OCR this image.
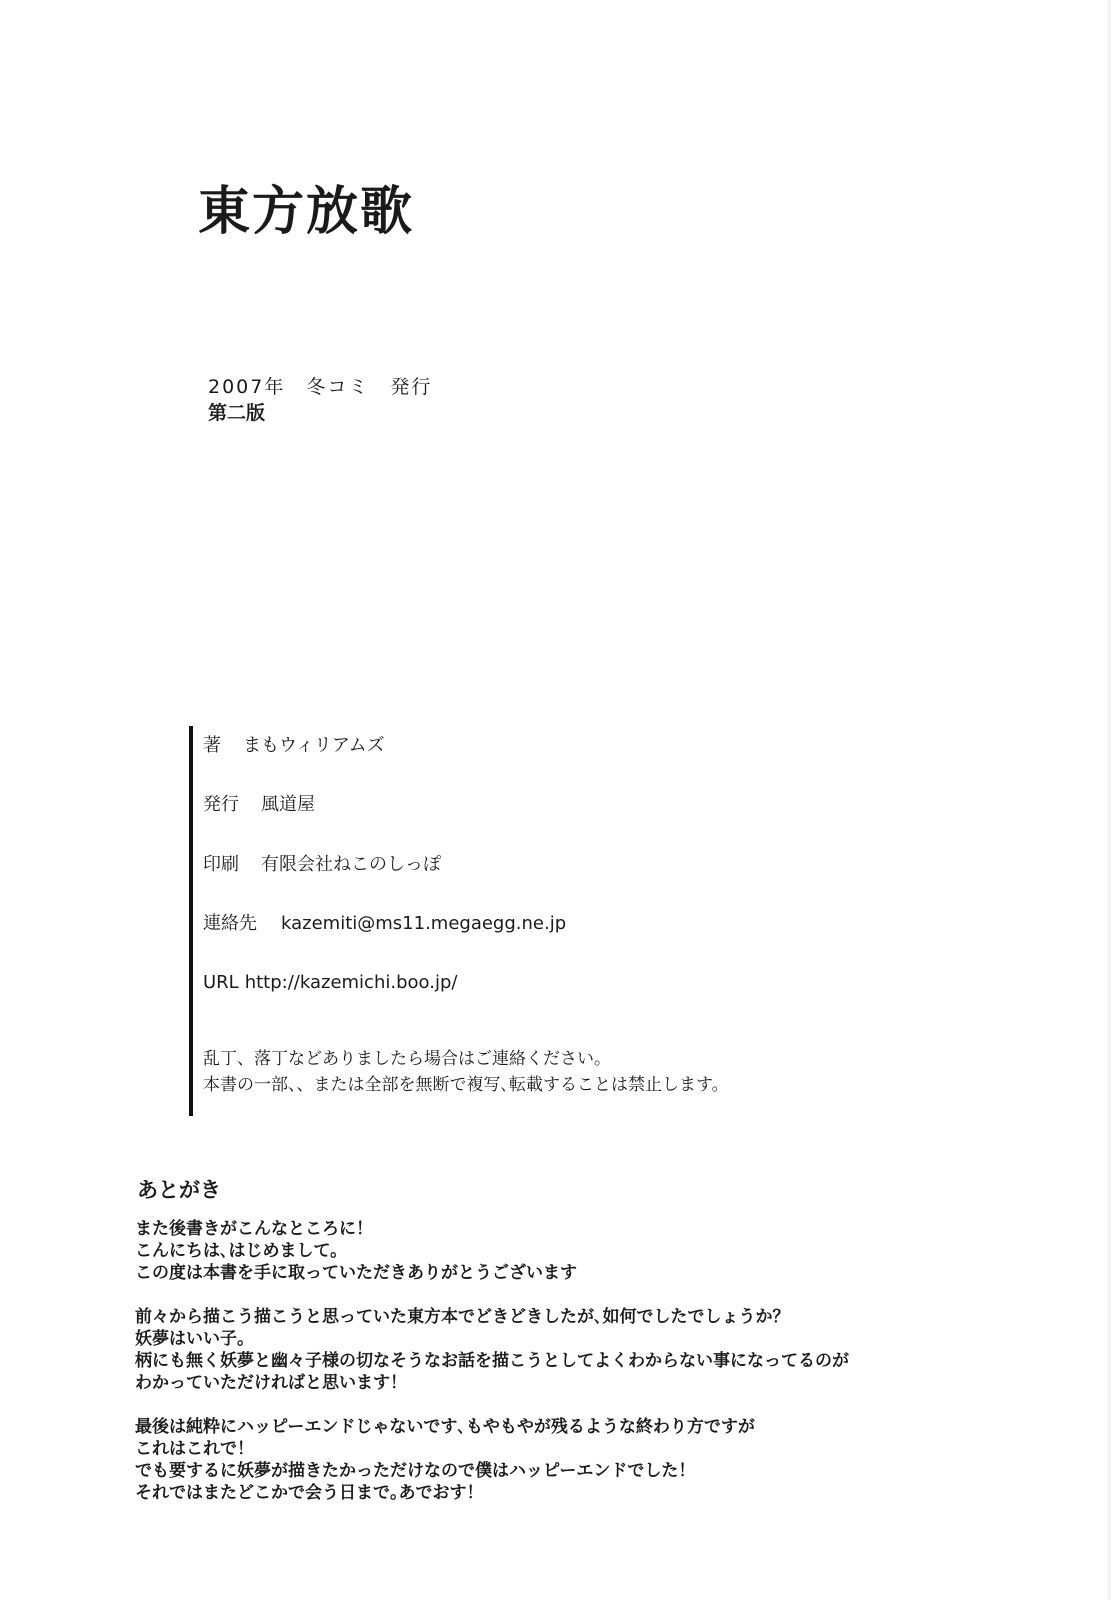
東方放歌
2007年　冬コミ　発行
第二版
著 まもウィリアムズ
発行 風道屋
印刷 有限会社ねこのしっぽ
連絡先 kazemiti@ms11.megaegg.ne.jp
URL http://kazemichi.boo.jp/
乱丁、落丁などありましたら場合はご連絡ください。
本書の一部、、または全部を無断で複写､転載することは禁止します。
あとがき
また後書きがこんなところに！
こんにちは､はじめまして。
この度は本書を手に取っていただきありがとうございます
前々から描こう描こうと思っていた東方本でどきどきしたが､如何でしたでしょうか？
妖夢はいい子。
柄にも無く妖夢と幽々子様の切なそうなお話を描こうとしてよくわからない事になってるのが
わかっていただければと思います！
最後は純粋にハッピーエンドじゃないです､もやもやが残るような終わり方ですが
これはこれで！
でも要するに妖夢が描きたかっただけなので僕はハッピーエンドでした！
それではまたどこかで会う日まで｡あでおす！
